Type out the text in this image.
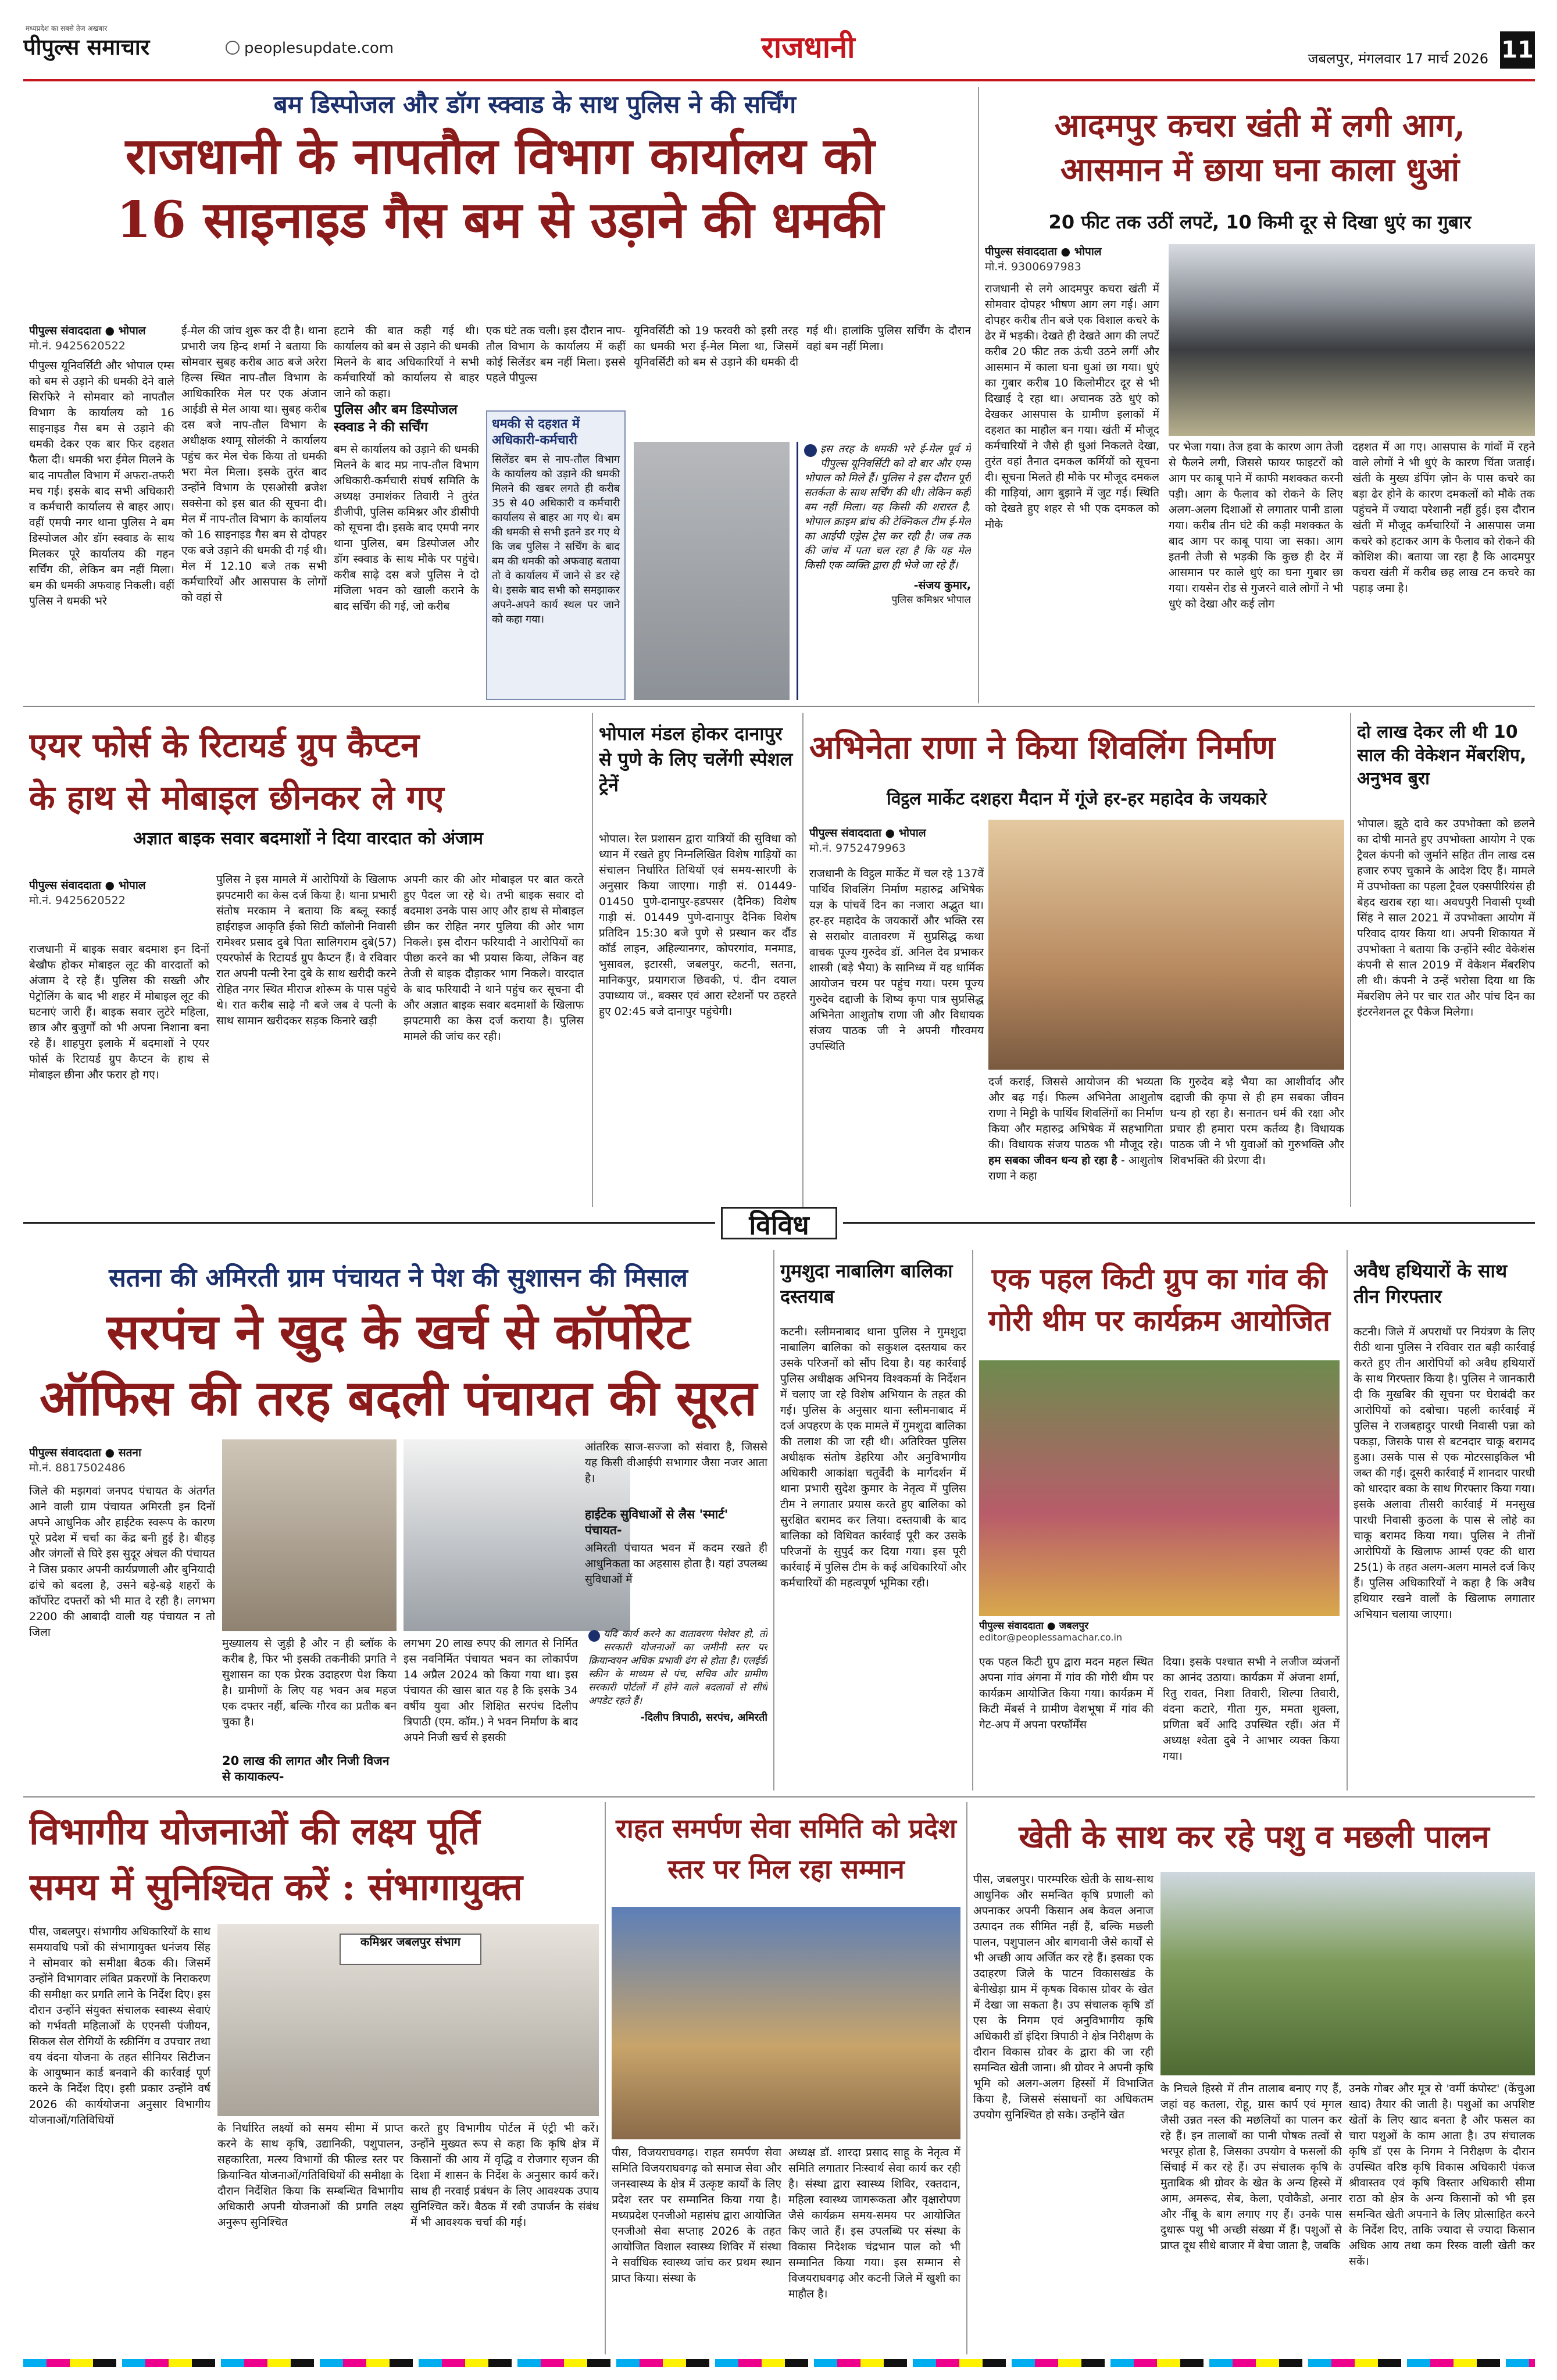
पीपुल्स समाचार
मध्यप्रदेश का सबसे तेज अखबार
peoplesupdate.com	राजधानी	जबलपुर, मंगलवार 17 मार्च 2026 11
बम डिस्पोजल और डॉग स्क्वाड के साथ पुलिस ने की सर्चिंग
राजधानी के नापतौल विभाग कार्यालय को
16 साइनाइड गैस बम से उड़ाने की धमकी
पीपुल्स संवाददाता ● भोपाल
मो.नं. 9425620522
पीपुल्स यूनिवर्सिटी और भोपाल एम्स को बम से उड़ाने की धमकी देने वाले सिरफिरे ने सोमवार को नापतौल विभाग के कार्यालय को 16 साइनाइड गैस बम से उड़ाने की धमकी देकर एक बार फिर दहशत फैला दी। धमकी भरा ईमेल मिलने के बाद नापतौल विभाग में अफरा-तफरी मच गई। इसके बाद सभी अधिकारी व कर्मचारी कार्यालय से बाहर आए। वहीं एमपी नगर थाना पुलिस ने बम डिस्पोजल और डॉग स्क्वाड के साथ मिलकर पूरे कार्यालय की गहन सर्चिंग की, लेकिन बम नहीं मिला। बम की धमकी अफवाह निकली। वहीं पुलिस ने धमकी भरे
ई-मेल की जांच शुरू कर दी है। थाना प्रभारी जय हिन्द शर्मा ने बताया कि सोमवार सुबह करीब आठ बजे अरेरा हिल्स स्थित नाप-तौल विभाग के आधिकारिक मेल पर एक अंजान आईडी से मेल आया था। सुबह करीब दस बजे नाप-तौल विभाग के अधीक्षक श्यामू सोलंकी ने कार्यालय पहुंच कर मेल चेक किया तो धमकी भरा मेल मिला। इसके तुरंत बाद उन्होंने विभाग के एसओसी ब्रजेश सक्सेना को इस बात की सूचना दी। मेल में नाप-तौल विभाग के कार्यालय को 16 साइनाइड गैस बम से दोपहर एक बजे उड़ाने की धमकी दी गई थी। मेल में 12.10 बजे तक सभी कर्मचारियों और आसपास के लोगों को वहां से
हटाने की बात कही गई थी। कार्यालय को बम से उड़ाने की धमकी मिलने के बाद अधिकारियों ने सभी कर्मचारियों को कार्यालय से बाहर जाने को कहा।
पुलिस और बम डिस्पोजल स्क्वाड ने की सर्चिंग
बम से कार्यालय को उड़ाने की धमकी मिलने के बाद मप्र नाप-तौल विभाग अधिकारी-कर्मचारी संघर्ष समिति के अध्यक्ष उमाशंकर तिवारी ने तुरंत डीजीपी, पुलिस कमिश्नर और डीसीपी को सूचना दी। इसके बाद एमपी नगर थाना पुलिस, बम डिस्पोजल और डॉग स्क्वाड के साथ मौके पर पहुंचे। करीब साढ़े दस बजे पुलिस ने दो मंजिला भवन को खाली कराने के बाद सर्चिंग की गई, जो करीब
एक घंटे तक चली। इस दौरान नाप-तौल विभाग के कार्यालय में कहीं कोई सिलेंडर बम नहीं मिला। इससे पहले पीपुल्स
धमकी से दहशत में अधिकारी-कर्मचारी
सिलेंडर बम से नाप-तौल विभाग के कार्यालय को उड़ाने की धमकी मिलने की खबर लगते ही करीब 35 से 40 अधिकारी व कर्मचारी कार्यालय से बाहर आ गए थे। बम की धमकी से सभी इतने डर गए थे कि जब पुलिस ने सर्चिंग के बाद बम की धमकी को अफवाह बताया तो वे कार्यालय में जाने से डर रहे थे। इसके बाद सभी को समझाकर अपने-अपने कार्य स्थल पर जाने को कहा गया।
यूनिवर्सिटी को 19 फरवरी को इसी तरह का धमकी भरा ई-मेल मिला था, जिसमें यूनिवर्सिटी को बम से उड़ाने की धमकी दी गई थी। हालांकि पुलिस सर्चिंग के दौरान वहां बम नहीं मिला।
इस तरह के धमकी भरे ई-मेल पूर्व में पीपुल्स यूनिवर्सिटी को दो बार और एम्स भोपाल को मिले हैं। पुलिस ने इस दौरान पूरी सतर्कता के साथ सर्चिंग की थी। लेकिन कहीं बम नहीं मिला। यह किसी की शरारत है, भोपाल क्राइम ब्रांच की टेक्निकल टीम ई-मेल का आईपी एड्रेस ट्रेस कर रही है। जब तक की जांच में पता चल रहा है कि यह मेल किसी एक व्यक्ति द्वारा ही भेजे जा रहे हैं।
-संजय कुमार,
पुलिस कमिश्नर भोपाल
आदमपुर कचरा खंती में लगी आग,
आसमान में छाया घना काला धुआं
20 फीट तक उठीं लपटें, 10 किमी दूर से दिखा धुएं का गुबार
पीपुल्स संवाददाता ● भोपाल
मो.नं. 9300697983
राजधानी से लगे आदमपुर कचरा खंती में सोमवार दोपहर भीषण आग लग गई। आग दोपहर करीब तीन बजे एक विशाल कचरे के ढेर में भड़की। देखते ही देखते आग की लपटें करीब 20 फीट तक ऊंची उठने लगीं और आसमान में काला घना धुआं छा गया। धुएं का गुबार करीब 10 किलोमीटर दूर से भी दिखाई दे रहा था। अचानक उठे धुएं को देखकर आसपास के ग्रामीण इलाकों में दहशत का माहौल बन गया। खंती में मौजूद कर्मचारियों ने जैसे ही धुआं निकलते देखा, तुरंत वहां तैनात दमकल कर्मियों को सूचना दी। सूचना मिलते ही मौके पर मौजूद दमकल की गाड़ियां, आग बुझाने में जुट गई। स्थिति को देखते हुए शहर से भी एक दमकल को मौके
पर भेजा गया। तेज हवा के कारण आग तेजी से फैलने लगी, जिससे फायर फाइटरों को आग पर काबू पाने में काफी मशक्कत करनी पड़ी। आग के फैलाव को रोकने के लिए अलग-अलग दिशाओं से लगातार पानी डाला गया। करीब तीन घंटे की कड़ी मशक्कत के बाद आग पर काबू पाया जा सका। आग इतनी तेजी से भड़की कि कुछ ही देर में आसमान पर काले धुएं का घना गुबार छा गया। रायसेन रोड से गुजरने वाले लोगों ने भी धुएं को देखा और कई लोग
दहशत में आ गए। आसपास के गांवों में रहने वाले लोगों ने भी धुएं के कारण चिंता जताई। खंती के मुख्य डंपिंग ज़ोन के पास कचरे का बड़ा ढेर होने के कारण दमकलों को मौके तक पहुंचने में ज्यादा परेशानी नहीं हुई। इस दौरान खंती में मौजूद कर्मचारियों ने आसपास जमा कचरे को हटाकर आग के फैलाव को रोकने की कोशिश की। बताया जा रहा है कि आदमपुर कचरा खंती में करीब छह लाख टन कचरे का पहाड़ जमा है।
एयर फोर्स के रिटायर्ड ग्रुप कैप्टन
के हाथ से मोबाइल छीनकर ले गए
अज्ञात बाइक सवार बदमाशों ने दिया वारदात को अंजाम
पीपुल्स संवाददाता ● भोपाल
मो.नं. 9425620522
राजधानी में बाइक सवार बदमाश इन दिनों बेखौफ होकर मोबाइल लूट की वारदातों को अंजाम दे रहे हैं। पुलिस की सख्ती और पेट्रोलिंग के बाद भी शहर में मोबाइल लूट की घटनाएं जारी हैं। बाइक सवार लुटेरे महिला, छात्र और बुजुर्गों को भी अपना निशाना बना रहे हैं। शाहपुरा इलाके में बदमाशों ने एयर फोर्स के रिटायर्ड ग्रुप कैप्टन के हाथ से मोबाइल छीना और फरार हो गए।
पुलिस ने इस मामले में आरोपियों के खिलाफ झपटमारी का केस दर्ज किया है। थाना प्रभारी संतोष मरकाम ने बताया कि बब्लू स्काई हाईराइज आकृति ईको सिटी कॉलोनी निवासी रामेश्वर प्रसाद दुबे पिता सालिगराम दुबे(57) एयरफोर्स के रिटायर्ड ग्रुप कैप्टन हैं। वे रविवार रात अपनी पत्नी रेना दुबे के साथ खरीदी करने रोहित नगर स्थित मीराज शोरूम के पास पहुंचे थे। रात करीब साढ़े नौ बजे जब वे पत्नी के साथ सामान खरीदकर सड़क किनारे खड़ी
अपनी कार की ओर मोबाइल पर बात करते हुए पैदल जा रहे थे। तभी बाइक सवार दो बदमाश उनके पास आए और हाथ से मोबाइल छीन कर रोहित नगर पुलिया की ओर भाग निकले। इस दौरान फरियादी ने आरोपियों का पीछा करने का भी प्रयास किया, लेकिन वह तेजी से बाइक दौड़ाकर भाग निकले। वारदात के बाद फरियादी ने थाने पहुंच कर सूचना दी और अज्ञात बाइक सवार बदमाशों के खिलाफ झपटमारी का केस दर्ज कराया है। पुलिस मामले की जांच कर रही।
भोपाल मंडल होकर दानापुर से पुणे के लिए चलेंगी स्पेशल ट्रेनें
भोपाल। रेल प्रशासन द्वारा यात्रियों की सुविधा को ध्यान में रखते हुए निम्नलिखित विशेष गाड़ियों का संचालन निर्धारित तिथियों एवं समय-सारणी के अनुसार किया जाएगा। गाड़ी सं. 01449-01450 पुणे-दानापुर-हडपसर (दैनिक) विशेष गाड़ी सं. 01449 पुणे-दानापुर दैनिक विशेष प्रतिदिन 15:30 बजे पुणे से प्रस्थान कर दौंड कॉर्ड लाइन, अहिल्यानगर, कोपरगांव, मनमाड, भुसावल, इटारसी, जबलपुर, कटनी, सतना, मानिकपुर, प्रयागराज छिवकी, पं. दीन दयाल उपाध्याय जं., बक्सर एवं आरा स्टेशनों पर ठहरते हुए 02:45 बजे दानापुर पहुंचेगी।
अभिनेता राणा ने किया शिवलिंग निर्माण
विट्ठल मार्केट दशहरा मैदान में गूंजे हर-हर महादेव के जयकारे
पीपुल्स संवाददाता ● भोपाल
मो.नं. 9752479963
राजधानी के विट्ठल मार्केट में चल रहे 137वें पार्थिव शिवलिंग निर्माण महारुद्र अभिषेक यज्ञ के पांचवें दिन का नजारा अद्भुत था। हर-हर महादेव के जयकारों और भक्ति रस से सराबोर वातावरण में सुप्रसिद्ध कथा वाचक पूज्य गुरुदेव डॉ. अनिल देव प्रभाकर शास्त्री (बड़े भैया) के सानिध्य में यह धार्मिक आयोजन चरम पर पहुंच गया। परम पूज्य गुरुदेव दद्दाजी के शिष्य कृपा पात्र सुप्रसिद्ध अभिनेता आशुतोष राणा जी और विधायक संजय पाठक जी ने अपनी गौरवमय उपस्थिति
दर्ज कराई, जिससे आयोजन की भव्यता और बढ़ गई। फिल्म अभिनेता आशुतोष राणा ने मिट्टी के पार्थिव शिवलिंगों का निर्माण किया और महारुद्र अभिषेक में सहभागिता की। विधायक संजय पाठक भी मौजूद रहे। हम सबका जीवन धन्य हो रहा है - आशुतोष राणा ने कहा
कि गुरुदेव बड़े भैया का आशीर्वाद और दद्दाजी की कृपा से ही हम सबका जीवन धन्य हो रहा है। सनातन धर्म की रक्षा और प्रचार ही हमारा परम कर्तव्य है। विधायक पाठक जी ने भी युवाओं को गुरुभक्ति और शिवभक्ति की प्रेरणा दी।
दो लाख देकर ली थी 10 साल की वेकेशन मेंबरशिप, अनुभव बुरा
भोपाल। झूठे दावे कर उपभोक्ता को छलने का दोषी मानते हुए उपभोक्ता आयोग ने एक ट्रैवल कंपनी को जुर्माने सहित तीन लाख दस हजार रुपए चुकाने के आदेश दिए हैं। मामले में उपभोक्ता का पहला ट्रैवल एक्सपीरियंस ही बेहद खराब रहा था। अवधपुरी निवासी पृथ्वी सिंह ने साल 2021 में उपभोक्ता आयोग में परिवाद दायर किया था। अपनी शिकायत में उपभोक्ता ने बताया कि उन्होंने स्वीट वेकेशंस कंपनी से साल 2019 में वेकेशन मेंबरशिप ली थी। कंपनी ने उन्हें भरोसा दिया था कि मेंबरशिप लेने पर चार रात और पांच दिन का इंटरनेशनल टूर पैकेज मिलेगा।
विविध
सतना की अमिरती ग्राम पंचायत ने पेश की सुशासन की मिसाल
सरपंच ने खुद के खर्च से कॉर्पोरेट
ऑफिस की तरह बदली पंचायत की सूरत
पीपुल्स संवाददाता ● सतना
मो.नं. 8817502486
जिले की मझगवां जनपद पंचायत के अंतर्गत आने वाली ग्राम पंचायत अमिरती इन दिनों अपने आधुनिक और हाईटेक स्वरूप के कारण पूरे प्रदेश में चर्चा का केंद्र बनी हुई है। बीहड़ और जंगलों से घिरे इस सुदूर अंचल की पंचायत ने जिस प्रकार अपनी कार्यप्रणाली और बुनियादी ढांचे को बदला है, उसने बड़े-बड़े शहरों के कॉर्पोरेट दफ्तरों को भी मात दे रही है। लगभग 2200 की आबादी वाली यह पंचायत न तो जिला
मुख्यालय से जुड़ी है और न ही ब्लॉक के करीब है, फिर भी इसकी तकनीकी प्रगति ने सुशासन का एक प्रेरक उदाहरण पेश किया है। ग्रामीणों के लिए यह भवन अब महज एक दफ्तर नहीं, बल्कि गौरव का प्रतीक बन चुका है।
20 लाख की लागत और निजी विजन से कायाकल्प-
लगभग 20 लाख रुपए की लागत से निर्मित इस नवनिर्मित पंचायत भवन का लोकार्पण 14 अप्रैल 2024 को किया गया था। इस पंचायत की खास बात यह है कि इसके 34 वर्षीय युवा और शिक्षित सरपंच दिलीप त्रिपाठी (एम. कॉम.) ने भवन निर्माण के बाद अपने निजी खर्च से इसकी
आंतरिक साज-सज्जा को संवारा है, जिससे यह किसी वीआईपी सभागार जैसा नजर आता है।
हाईटेक सुविधाओं से लैस 'स्मार्ट' पंचायत-
अमिरती पंचायत भवन में कदम रखते ही आधुनिकता का अहसास होता है। यहां उपलब्ध सुविधाओं में
यदि कार्य करने का वातावरण पेशेवर हो, तो सरकारी योजनाओं का जमीनी स्तर पर क्रियान्वयन अधिक प्रभावी ढंग से होता है। एलईडी स्क्रीन के माध्यम से पंच, सचिव और ग्रामीण सरकारी पोर्टलों में होने वाले बदलावों से सीधे अपडेट रहते हैं।
-दिलीप त्रिपाठी, सरपंच, अमिरती
गुमशुदा नाबालिग बालिका दस्तयाब
कटनी। स्लीमनाबाद थाना पुलिस ने गुमशुदा नाबालिग बालिका को सकुशल दस्तयाब कर उसके परिजनों को सौंप दिया है। यह कार्रवाई पुलिस अधीक्षक अभिनय विश्वकर्मा के निर्देशन में चलाए जा रहे विशेष अभियान के तहत की गई। पुलिस के अनुसार थाना स्लीमनाबाद में दर्ज अपहरण के एक मामले में गुमशुदा बालिका की तलाश की जा रही थी। अतिरिक्त पुलिस अधीक्षक संतोष डेहरिया और अनुविभागीय अधिकारी आकांक्षा चतुर्वेदी के मार्गदर्शन में थाना प्रभारी सुदेश कुमार के नेतृत्व में पुलिस टीम ने लगातार प्रयास करते हुए बालिका को सुरक्षित बरामद कर लिया। दस्तयाबी के बाद बालिका को विधिवत कार्रवाई पूरी कर उसके परिजनों के सुपुर्द कर दिया गया। इस पूरी कार्रवाई में पुलिस टीम के कई अधिकारियों और कर्मचारियों की महत्वपूर्ण भूमिका रही।
एक पहल किटी ग्रुप का गांव की गोरी थीम पर कार्यक्रम आयोजित
पीपुल्स संवाददाता ● जबलपुर
editor@peoplessamachar.co.in
एक पहल किटी ग्रुप द्वारा मदन महल स्थित अपना गांव अंगना में गांव की गोरी थीम पर कार्यक्रम आयोजित किया गया। कार्यक्रम में किटी मेंबर्स ने ग्रामीण वेशभूषा में गांव की गेट-अप में अपना परफॉर्मेंस
दिया। इसके पश्चात सभी ने लजीज व्यंजनों का आनंद उठाया। कार्यक्रम में अंजना शर्मा, रितु रावत, निशा तिवारी, शिल्पा तिवारी, वंदना कटारे, गीता गुरु, ममता शुक्ला, प्रणिता बर्वे आदि उपस्थित रहीं। अंत में अध्यक्ष श्वेता दुबे ने आभार व्यक्त किया गया।
अवैध हथियारों के साथ तीन गिरफ्तार
कटनी। जिले में अपराधों पर नियंत्रण के लिए रीठी थाना पुलिस ने रविवार रात बड़ी कार्रवाई करते हुए तीन आरोपियों को अवैध हथियारों के साथ गिरफ्तार किया है। पुलिस ने जानकारी दी कि मुखबिर की सूचना पर घेराबंदी कर आरोपियों को दबोचा। पहली कार्रवाई में पुलिस ने राजबहादुर पारधी निवासी पन्ना को पकड़ा, जिसके पास से बटनदार चाकू बरामद हुआ। उसके पास से एक मोटरसाइकिल भी जब्त की गई। दूसरी कार्रवाई में शानदार पारधी को धारदार बका के साथ गिरफ्तार किया गया। इसके अलावा तीसरी कार्रवाई में मनसुख पारधी निवासी कुठला के पास से लोहे का चाकू बरामद किया गया। पुलिस ने तीनों आरोपियों के खिलाफ आर्म्स एक्ट की धारा 25(1) के तहत अलग-अलग मामले दर्ज किए हैं। पुलिस अधिकारियों ने कहा है कि अवैध हथियार रखने वालों के खिलाफ लगातार अभियान चलाया जाएगा।
विभागीय योजनाओं की लक्ष्य पूर्ति
समय में सुनिश्चित करें : संभागायुक्त
कमिश्नर जबलपुर संभाग
पीस, जबलपुर। संभागीय अधिकारियों के साथ समयावधि पत्रों की संभागायुक्त धनंजय सिंह ने सोमवार को समीक्षा बैठक की। जिसमें उन्होंने विभागवार लंबित प्रकरणों के निराकरण की समीक्षा कर प्रगति लाने के निर्देश दिए। इस दौरान उन्होंने संयुक्त संचालक स्वास्थ्य सेवाएं को गर्भवती महिलाओं के एएनसी पंजीयन, सिकल सेल रोगियों के स्क्रीनिंग व उपचार तथा वय वंदना योजना के तहत सीनियर सिटीजन के आयुष्मान कार्ड बनवाने की कार्रवाई पूर्ण करने के निर्देश दिए। इसी प्रकार उन्होंने वर्ष 2026 की कार्ययोजना अनुसार विभागीय योजनाओं/गतिविधियों
के निर्धारित लक्ष्यों को समय सीमा में प्राप्त करने के साथ कृषि, उद्यानिकी, पशुपालन, सहकारिता, मत्स्य विभागों की फील्ड स्तर पर क्रियान्वित योजनाओं/गतिविधियों की समीक्षा के दौरान निर्देशित किया कि सम्बन्धित विभागीय अधिकारी अपनी योजनाओं की प्रगति लक्ष्य अनुरूप सुनिश्चित
करते हुए विभागीय पोर्टल में एंट्री भी करें। उन्होंने मुख्यत रूप से कहा कि कृषि क्षेत्र में किसानों की आय में वृद्धि व रोजगार सृजन की दिशा में शासन के निर्देश के अनुसार कार्य करें। साथ ही नरवाई प्रबंधन के लिए आवश्यक उपाय सुनिश्चित करें। बैठक में रबी उपार्जन के संबंध में भी आवश्यक चर्चा की गई।
राहत समर्पण सेवा समिति को प्रदेश स्तर पर मिल रहा सम्मान
पीस, विजयराघवगढ़। राहत समर्पण सेवा समिति विजयराघवगढ़ को समाज सेवा और जनस्वास्थ्य के क्षेत्र में उत्कृष्ट कार्यों के लिए प्रदेश स्तर पर सम्मानित किया गया है। मध्यप्रदेश एनजीओ महासंघ द्वारा आयोजित एनजीओ सेवा सप्ताह 2026 के तहत आयोजित विशाल स्वास्थ्य शिविर में संस्था ने सर्वाधिक स्वास्थ्य जांच कर प्रथम स्थान प्राप्त किया। संस्था के
अध्यक्ष डॉ. शारदा प्रसाद साहू के नेतृत्व में समिति लगातार निःस्वार्थ सेवा कार्य कर रही है। संस्था द्वारा स्वास्थ्य शिविर, रक्तदान, महिला स्वास्थ्य जागरूकता और वृक्षारोपण जैसे कार्यक्रम समय-समय पर आयोजित किए जाते हैं। इस उपलब्धि पर संस्था के विकास निदेशक चंद्रभान पाल को भी सम्मानित किया गया। इस सम्मान से विजयराघवगढ़ और कटनी जिले में खुशी का माहौल है।
खेती के साथ कर रहे पशु व मछली पालन
पीस, जबलपुर। पारम्परिक खेती के साथ-साथ आधुनिक और समन्वित कृषि प्रणाली को अपनाकर अपनी किसान अब केवल अनाज उत्पादन तक सीमित नहीं हैं, बल्कि मछली पालन, पशुपालन और बागवानी जैसे कार्यों से भी अच्छी आय अर्जित कर रहे हैं। इसका एक उदाहरण जिले के पाटन विकासखंड के बेनीखेड़ा ग्राम में कृषक विकास ग्रोवर के खेत में देखा जा सकता है। उप संचालक कृषि डॉ एस के निगम एवं अनुविभागीय कृषि अधिकारी डॉ इंदिरा त्रिपाठी ने क्षेत्र निरीक्षण के दौरान विकास ग्रोवर के द्वारा की जा रही समन्वित खेती जाना। श्री ग्रोवर ने अपनी कृषि भूमि को अलग-अलग हिस्सों में विभाजित किया है, जिससे संसाधनों का अधिकतम उपयोग सुनिश्चित हो सके। उन्होंने खेत
के निचले हिस्से में तीन तालाब बनाए गए हैं, जहां वह कतला, रोहू, ग्रास कार्प एवं मृगल जैसी उन्नत नस्ल की मछलियों का पालन कर रहे हैं। इन तालाबों का पानी पोषक तत्वों से भरपूर होता है, जिसका उपयोग वे फसलों की सिंचाई में कर रहे हैं। उप संचालक कृषि के मुताबिक श्री ग्रोवर के खेत के अन्य हिस्से में आम, अमरूद, सेब, केला, एवोकैडो, अनार और नींबू के बाग लगाए गए हैं। उनके पास दुधारू पशु भी अच्छी संख्या में हैं। पशुओं से प्राप्त दूध सीधे बाजार में बेचा जाता है, जबकि
उनके गोबर और मूत्र से 'वर्मी कंपोस्ट' (केंचुआ खाद) तैयार की जाती है। पशुओं का अपशिष्ट खेतों के लिए खाद बनता है और फसल का चारा पशुओं के काम आता है। उप संचालक कृषि डॉ एस के निगम ने निरीक्षण के दौरान उपस्थित वरिष्ठ कृषि विकास अधिकारी पंकज श्रीवास्तव एवं कृषि विस्तार अधिकारी सीमा राठा को क्षेत्र के अन्य किसानों को भी इस समन्वित खेती अपनाने के लिए प्रोत्साहित करने के निर्देश दिए, ताकि ज्यादा से ज्यादा किसान अधिक आय तथा कम रिस्क वाली खेती कर सकें।
